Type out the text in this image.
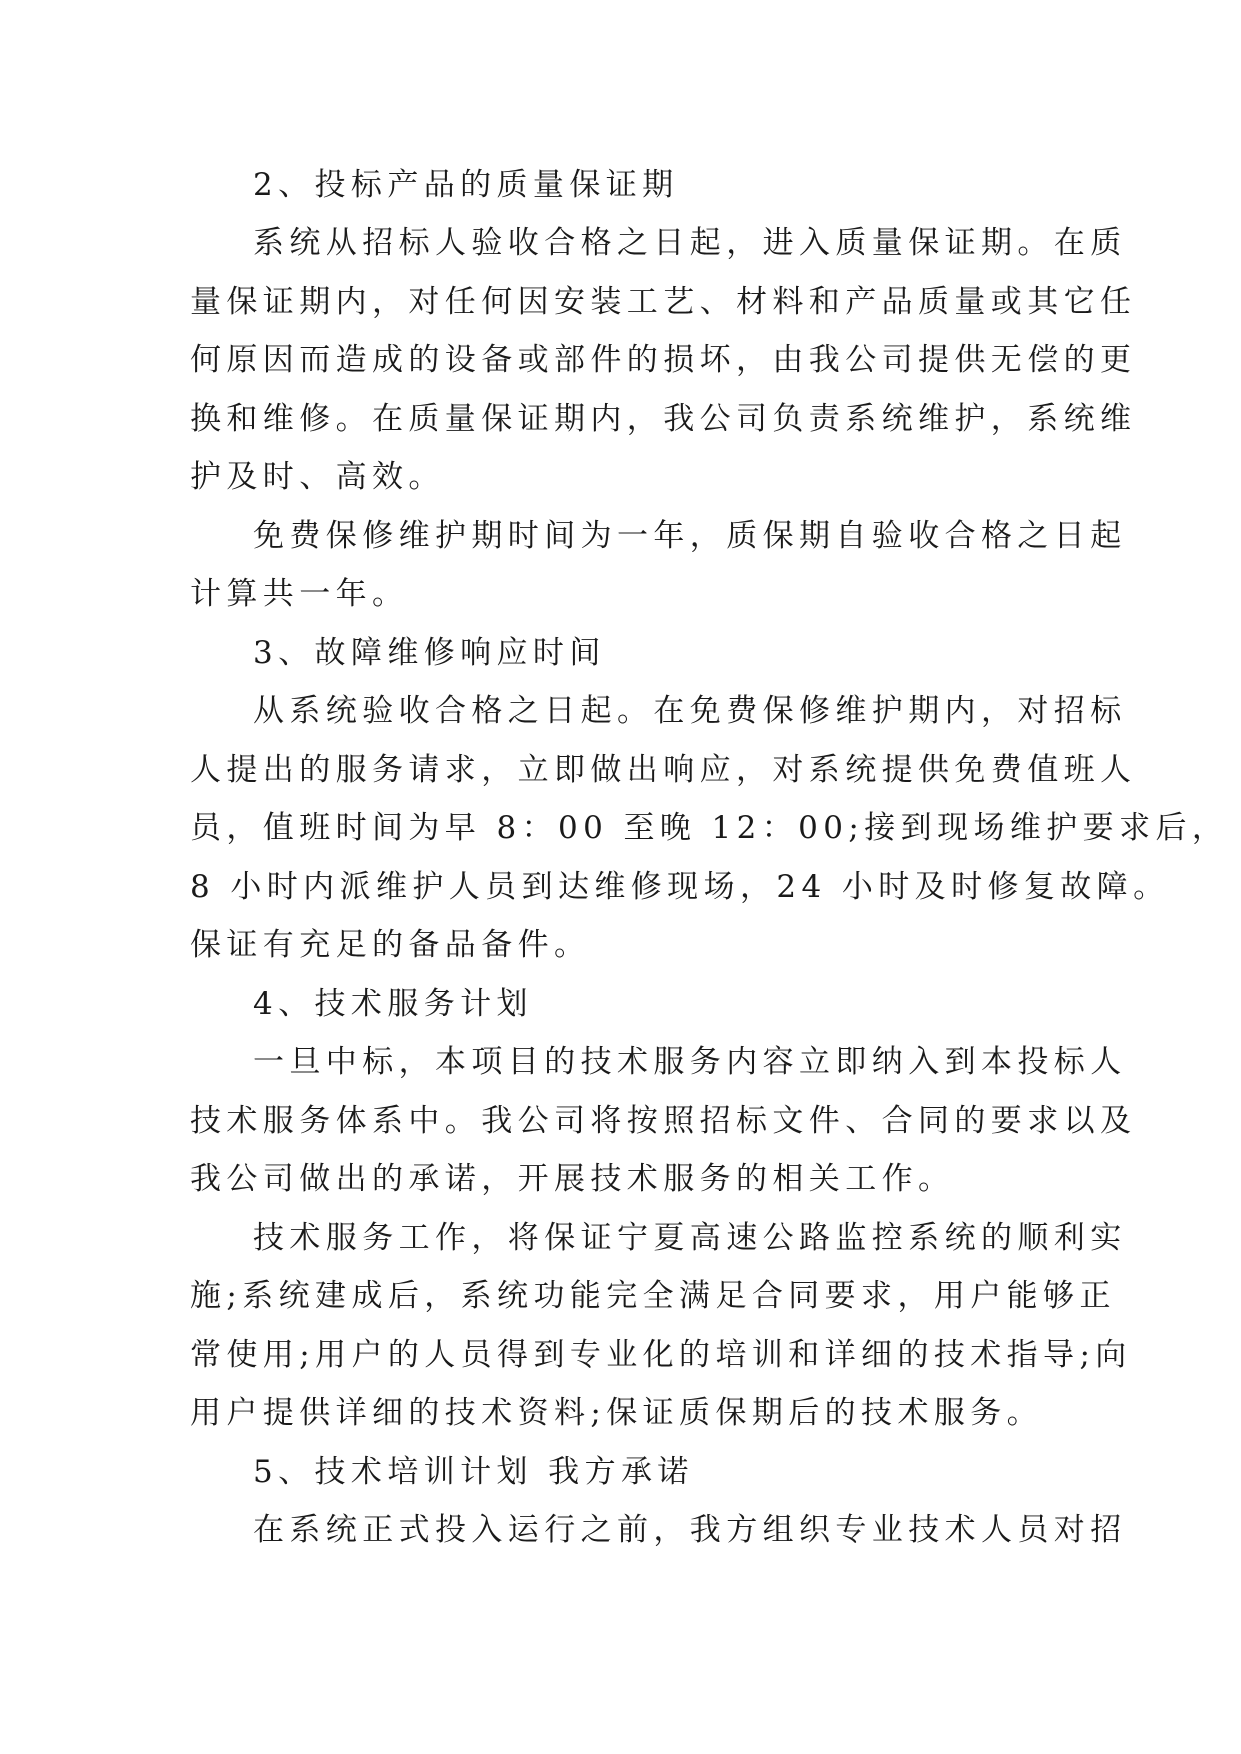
2、投标产品的质量保证期

系统从招标人验收合格之日起，进入质量保证期。在质

量保证期内，对任何因安装工艺、材料和产品质量或其它任

何原因而造成的设备或部件的损坏，由我公司提供无偿的更

换和维修。在质量保证期内，我公司负责系统维护，系统维

护及时、高效。

免费保修维护期时间为一年，质保期自验收合格之日起

计算共一年。

3、故障维修响应时间

从系统验收合格之日起。在免费保修维护期内，对招标

人提出的服务请求，立即做出响应，对系统提供免费值班人

员，值班时间为早 8：00 至晚 12：00;接到现场维护要求后，

8 小时内派维护人员到达维修现场，24 小时及时修复故障。

保证有充足的备品备件。

4、技术服务计划

一旦中标，本项目的技术服务内容立即纳入到本投标人

技术服务体系中。我公司将按照招标文件、合同的要求以及

我公司做出的承诺，开展技术服务的相关工作。

技术服务工作，将保证宁夏高速公路监控系统的顺利实

施;系统建成后，系统功能完全满足合同要求，用户能够正

常使用;用户的人员得到专业化的培训和详细的技术指导;向

用户提供详细的技术资料;保证质保期后的技术服务。

5、技术培训计划 我方承诺

在系统正式投入运行之前，我方组织专业技术人员对招
